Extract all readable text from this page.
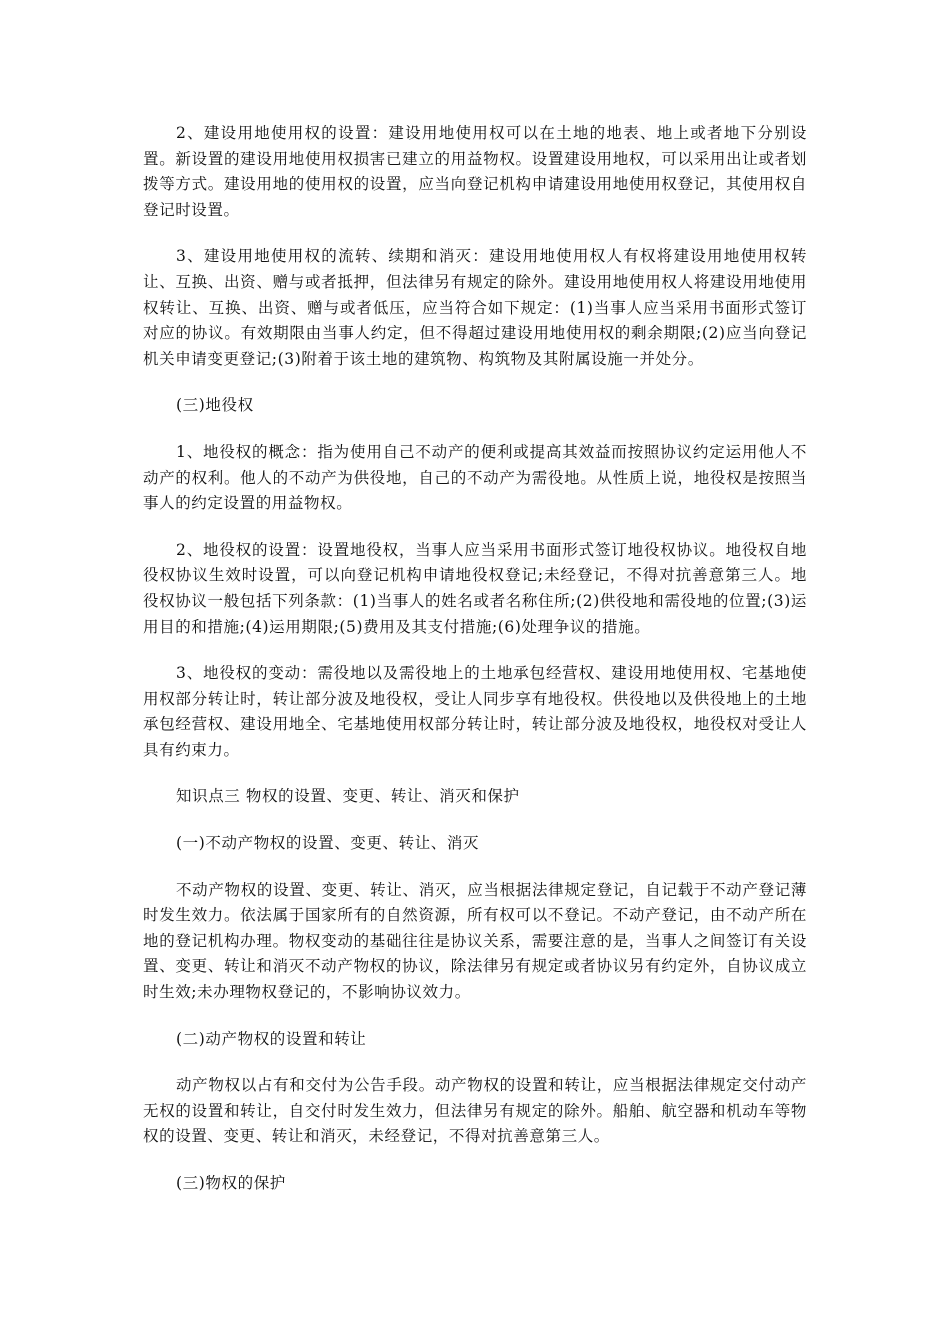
2、建设用地使用权的设置：建设用地使用权可以在土地的地表、地上或者地下分别设置。新设置的建设用地使用权损害已建立的用益物权。设置建设用地权，可以采用出让或者划拨等方式。建设用地的使用权的设置，应当向登记机构申请建设用地使用权登记，其使用权自登记时设置。

3、建设用地使用权的流转、续期和消灭：建设用地使用权人有权将建设用地使用权转让、互换、出资、赠与或者抵押，但法律另有规定的除外。建设用地使用权人将建设用地使用权转让、互换、出资、赠与或者低压，应当符合如下规定：(1)当事人应当采用书面形式签订对应的协议。有效期限由当事人约定，但不得超过建设用地使用权的剩余期限;(2)应当向登记机关申请变更登记;(3)附着于该土地的建筑物、构筑物及其附属设施一并处分。

(三)地役权

1、地役权的概念：指为使用自己不动产的便利或提高其效益而按照协议约定运用他人不动产的权利。他人的不动产为供役地，自己的不动产为需役地。从性质上说，地役权是按照当事人的约定设置的用益物权。

2、地役权的设置：设置地役权，当事人应当采用书面形式签订地役权协议。地役权自地役权协议生效时设置，可以向登记机构申请地役权登记;未经登记，不得对抗善意第三人。地役权协议一般包括下列条款：(1)当事人的姓名或者名称住所;(2)供役地和需役地的位置;(3)运用目的和措施;(4)运用期限;(5)费用及其支付措施;(6)处理争议的措施。

3、地役权的变动：需役地以及需役地上的土地承包经营权、建设用地使用权、宅基地使用权部分转让时，转让部分波及地役权，受让人同步享有地役权。供役地以及供役地上的土地承包经营权、建设用地全、宅基地使用权部分转让时，转让部分波及地役权，地役权对受让人具有约束力。

知识点三 物权的设置、变更、转让、消灭和保护

(一)不动产物权的设置、变更、转让、消灭

不动产物权的设置、变更、转让、消灭，应当根据法律规定登记，自记载于不动产登记薄时发生效力。依法属于国家所有的自然资源，所有权可以不登记。不动产登记，由不动产所在地的登记机构办理。物权变动的基础往往是协议关系，需要注意的是，当事人之间签订有关设置、变更、转让和消灭不动产物权的协议，除法律另有规定或者协议另有约定外，自协议成立时生效;未办理物权登记的，不影响协议效力。

(二)动产物权的设置和转让

动产物权以占有和交付为公告手段。动产物权的设置和转让，应当根据法律规定交付动产无权的设置和转让，自交付时发生效力，但法律另有规定的除外。船舶、航空器和机动车等物权的设置、变更、转让和消灭，未经登记，不得对抗善意第三人。

(三)物权的保护
